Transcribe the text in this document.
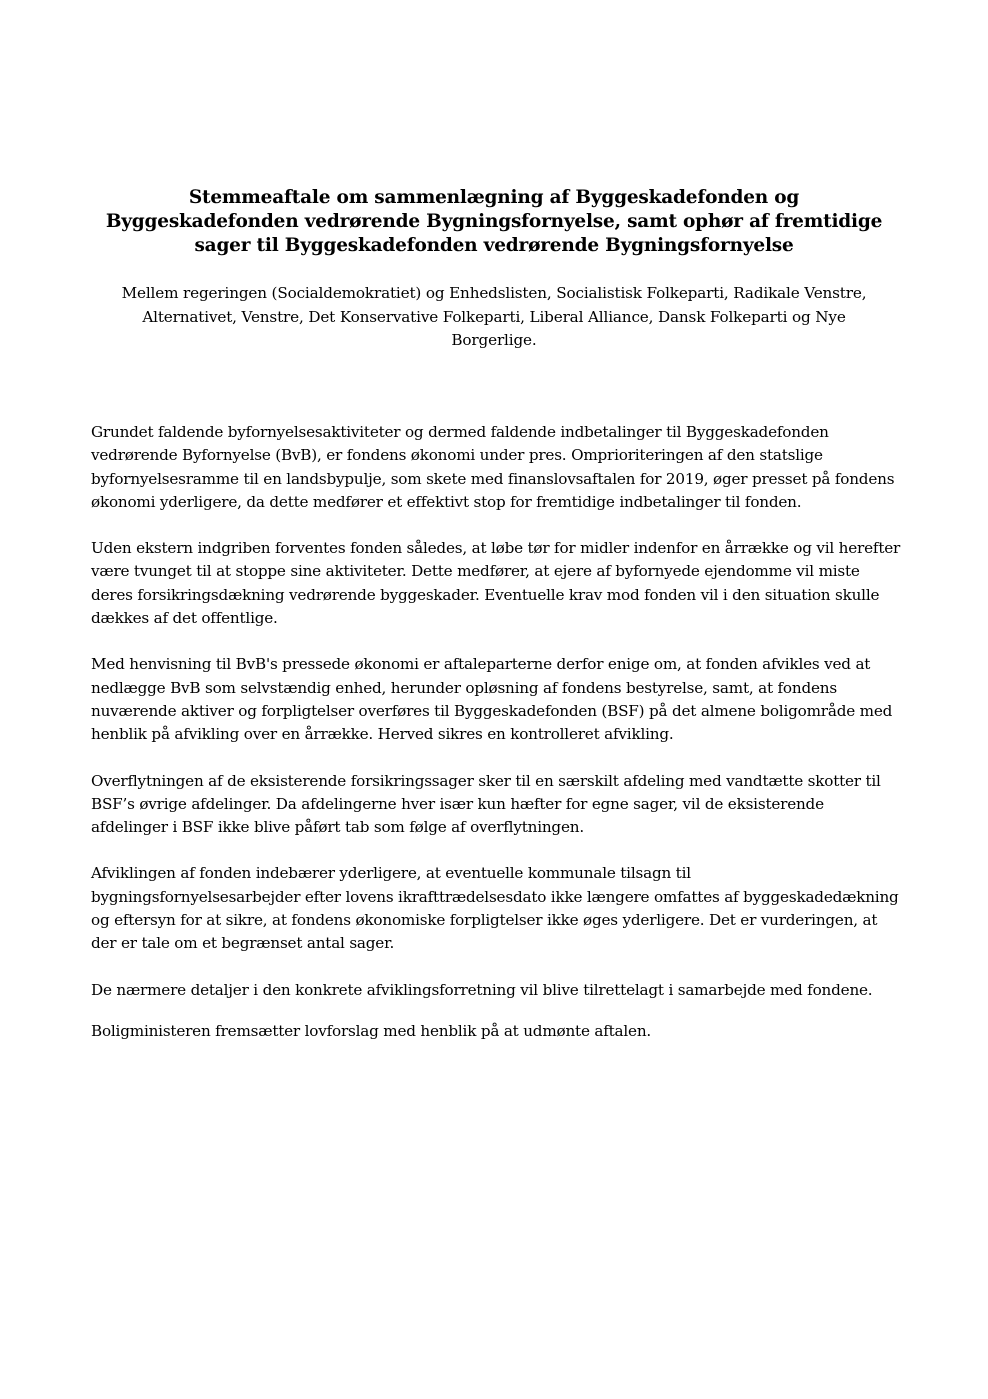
Stemmeaftale om sammenlægning af Byggeskadefonden og Byggeskadefonden vedrørende Bygningsfornyelse, samt ophør af fremtidige sager til Byggeskadefonden vedrørende Bygningsfornyelse

Mellem regeringen (Socialdemokratiet) og Enhedslisten, Socialistisk Folkeparti, Radikale Venstre, Alternativet, Venstre, Det Konservative Folkeparti, Liberal Alliance, Dansk Folkeparti og Nye Borgerlige.

Grundet faldende byfornyelsesaktiviteter og dermed faldende indbetalinger til Byggeskadefonden vedrørende Byfornyelse (BvB), er fondens økonomi under pres. Omprioriteringen af den statslige byfornyelsesramme til en landsbypulje, som skete med finanslovsaftalen for 2019, øger presset på fondens økonomi yderligere, da dette medfører et effektivt stop for fremtidige indbetalinger til fonden.

Uden ekstern indgriben forventes fonden således, at løbe tør for midler indenfor en årrække og vil herefter være tvunget til at stoppe sine aktiviteter. Dette medfører, at ejere af byfornyede ejendomme vil miste deres forsikringsdækning vedrørende byggeskader. Eventuelle krav mod fonden vil i den situation skulle dækkes af det offentlige.

Med henvisning til BvB's pressede økonomi er aftaleparterne derfor enige om, at fonden afvikles ved at nedlægge BvB som selvstændig enhed, herunder opløsning af fondens bestyrelse, samt, at fondens nuværende aktiver og forpligtelser overføres til Byggeskadefonden (BSF) på det almene boligområde med henblik på afvikling over en årrække. Herved sikres en kontrolleret afvikling.

Overflytningen af de eksisterende forsikringssager sker til en særskilt afdeling med vandtætte skotter til BSF’s øvrige afdelinger. Da afdelingerne hver især kun hæfter for egne sager, vil de eksisterende afdelinger i BSF ikke blive påført tab som følge af overflytningen.

Afviklingen af fonden indebærer yderligere, at eventuelle kommunale tilsagn til bygningsfornyelsesarbejder efter lovens ikrafttrædelsesdato ikke længere omfattes af byggeskadedækning og eftersyn for at sikre, at fondens økonomiske forpligtelser ikke øges yderligere. Det er vurderingen, at der er tale om et begrænset antal sager.

De nærmere detaljer i den konkrete afviklingsforretning vil blive tilrettelagt i samarbejde med fondene.

Boligministeren fremsætter lovforslag med henblik på at udmønte aftalen.
